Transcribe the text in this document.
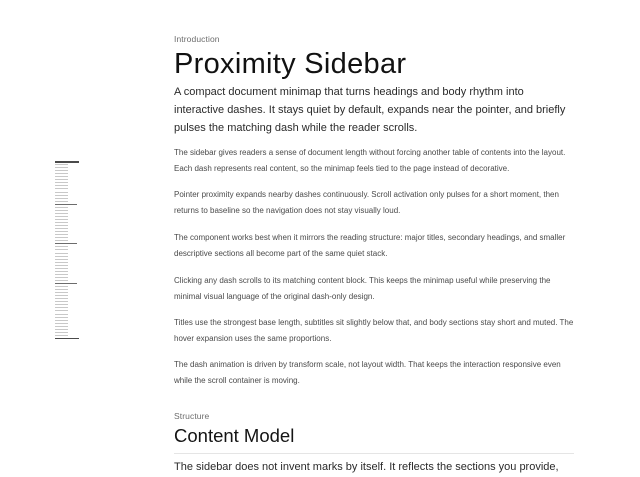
Introduction
Proximity Sidebar

A compact document minimap that turns headings and body rhythm into interactive dashes. It stays quiet by default, expands near the pointer, and briefly pulses the matching dash while the reader scrolls.

The sidebar gives readers a sense of document length without forcing another table of contents into the layout. Each dash represents real content, so the minimap feels tied to the page instead of decorative.

Pointer proximity expands nearby dashes continuously. Scroll activation only pulses for a short moment, then returns to baseline so the navigation does not stay visually loud.

The component works best when it mirrors the reading structure: major titles, secondary headings, and smaller descriptive sections all become part of the same quiet stack.

Clicking any dash scrolls to its matching content block. This keeps the minimap useful while preserving the minimal visual language of the original dash-only design.

Titles use the strongest base length, subtitles sit slightly below that, and body sections stay short and muted. The hover expansion uses the same proportions.

The dash animation is driven by transform scale, not layout width. That keeps the interaction responsive even while the scroll container is moving.

Structure
Content Model

The sidebar does not invent marks by itself. It reflects the sections you provide,
